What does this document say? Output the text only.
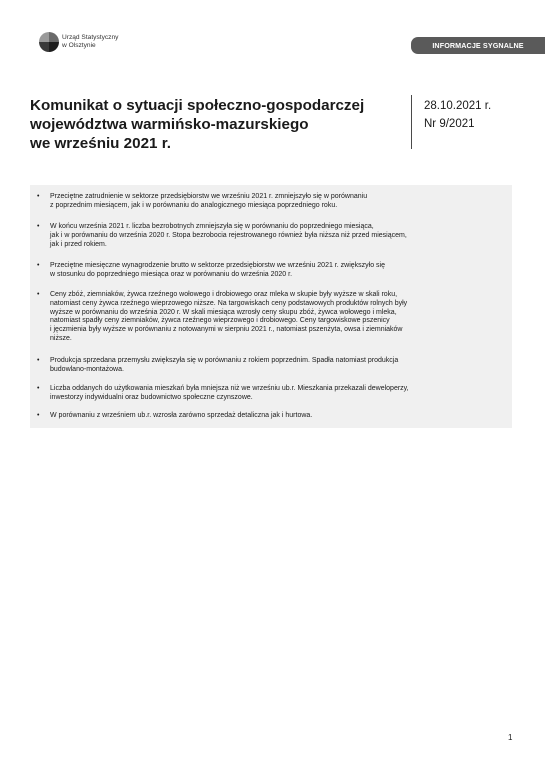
Urząd Statystyczny
w Olsztynie	INFORMACJE SYGNALNE
Komunikat o sytuacji społeczno-gospodarczej
województwa warmińsko-mazurskiego
we wrześniu 2021 r.
28.10.2021 r.
Nr 9/2021
• Przeciętne zatrudnienie w sektorze przedsiębiorstw we wrześniu 2021 r. zmniejszyło się w porównaniu
z poprzednim miesiącem, jak i w porównaniu do analogicznego miesiąca poprzedniego roku.
• W końcu września 2021 r. liczba bezrobotnych zmniejszyła się w porównaniu do poprzedniego miesiąca,
jak i w porównaniu do września 2020 r. Stopa bezrobocia rejestrowanego również była niższa niż przed miesiącem,
jak i przed rokiem.
• Przeciętne miesięczne wynagrodzenie brutto w sektorze przedsiębiorstw we wrześniu 2021 r. zwiększyło się
w stosunku do poprzedniego miesiąca oraz w porównaniu do września 2020 r.
• Ceny zbóż, ziemniaków, żywca rzeźnego wołowego i drobiowego oraz mleka w skupie były wyższe w skali roku,
natomiast ceny żywca rzeźnego wieprzowego niższe. Na targowiskach ceny podstawowych produktów rolnych były
wyższe w porównaniu do września 2020 r. W skali miesiąca wzrosły ceny skupu zbóż, żywca wołowego i mleka,
natomiast spadły ceny ziemniaków, żywca rzeźnego wieprzowego i drobiowego. Ceny targowiskowe pszenicy
i jęczmienia były wyższe w porównaniu z notowanymi w sierpniu 2021 r., natomiast pszenżyta, owsa i ziemniaków
niższe.
• Produkcja sprzedana przemysłu zwiększyła się w porównaniu z rokiem poprzednim. Spadła natomiast produkcja
budowlano-montażowa.
• Liczba oddanych do użytkowania mieszkań była mniejsza niż we wrześniu ub.r. Mieszkania przekazali deweloperzy,
inwestorzy indywidualni oraz budownictwo społeczne czynszowe.
• W porównaniu z wrześniem ub.r. wzrosła zarówno sprzedaż detaliczna jak i hurtowa.
1
